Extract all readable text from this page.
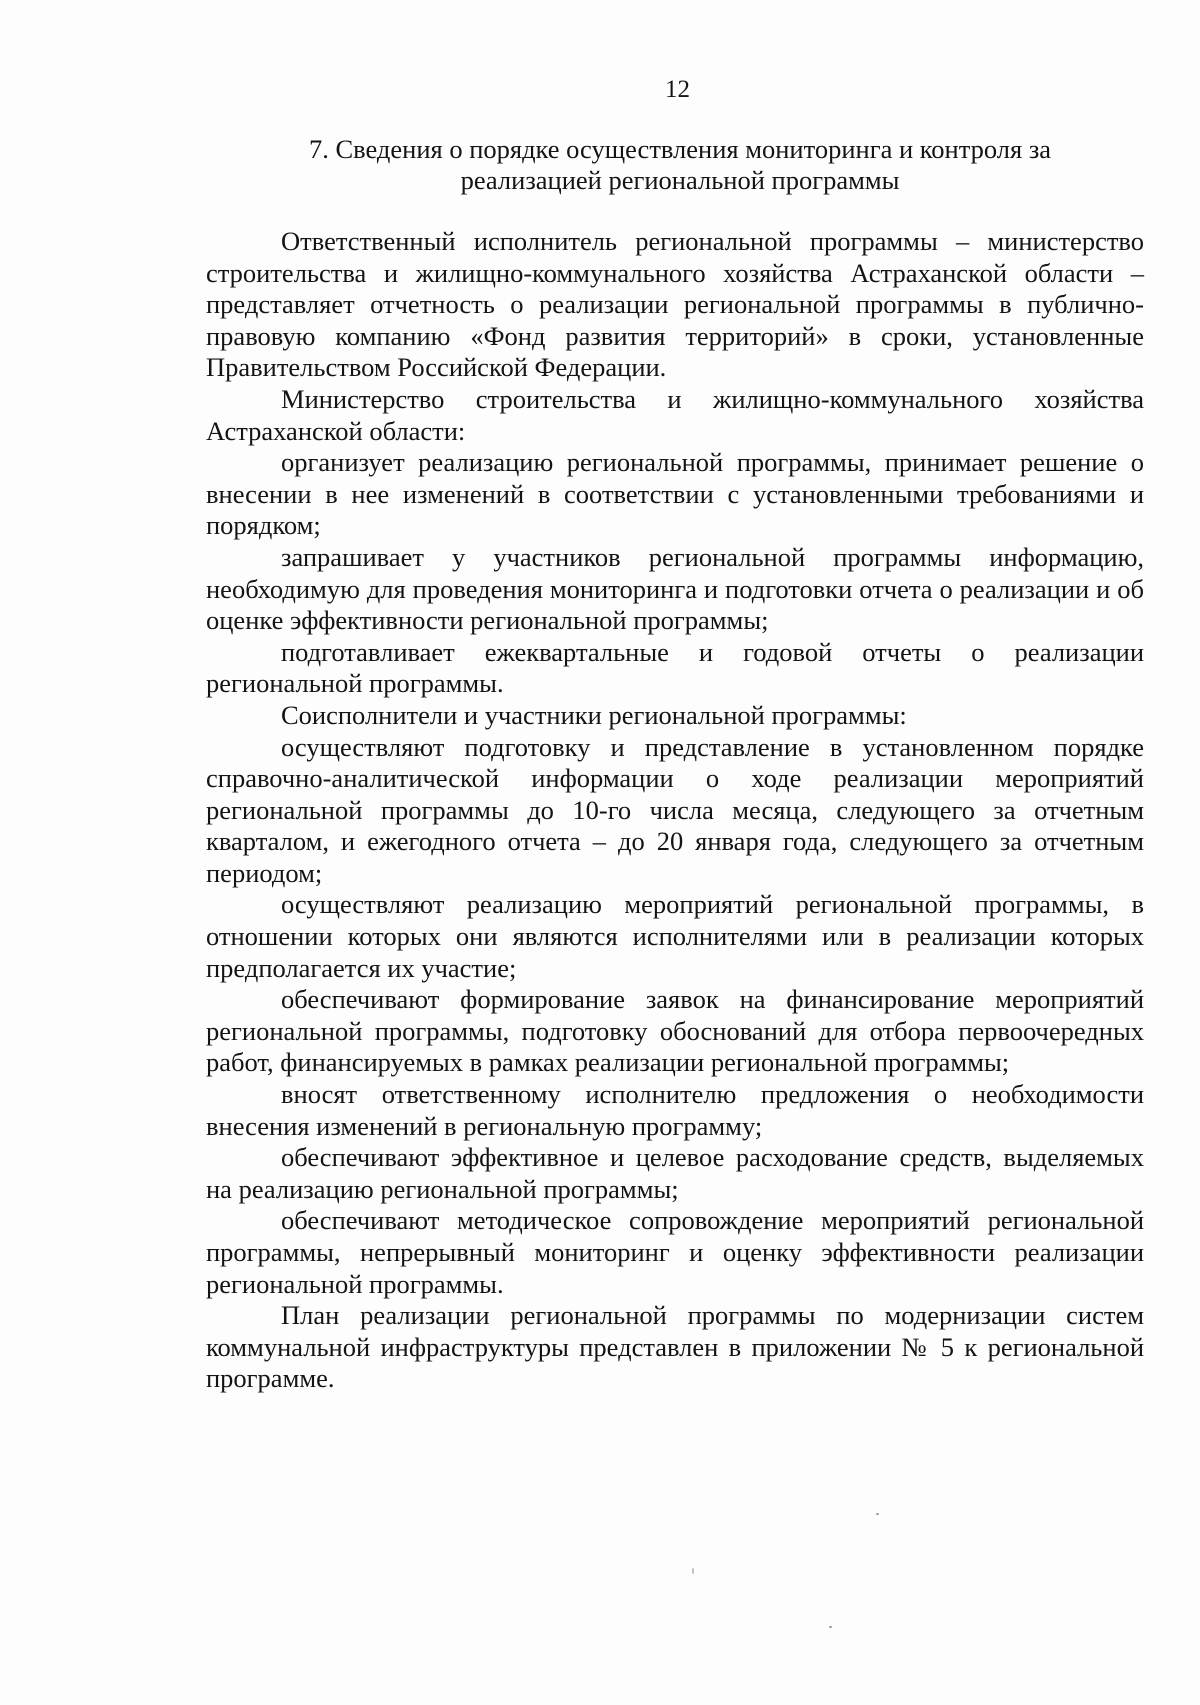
12
7. Сведения о порядке осуществления мониторинга и контроля за
реализацией региональной программы

Ответственный исполнитель региональной программы – министерство строительства и жилищно-коммунального хозяйства Астраханской области – представляет отчетность о реализации региональной программы в публично-правовую компанию «Фонд развития территорий» в сроки, установленные Правительством Российской Федерации.

Министерство строительства и жилищно-коммунального хозяйства Астраханской области:

организует реализацию региональной программы, принимает решение о внесении в нее изменений в соответствии с установленными требованиями и порядком;

запрашивает у участников региональной программы информацию, необходимую для проведения мониторинга и подготовки отчета о реализации и об оценке эффективности региональной программы;

подготавливает ежеквартальные и годовой отчеты о реализации региональной программы.

Соисполнители и участники региональной программы:

осуществляют подготовку и представление в установленном порядке справочно-аналитической информации о ходе реализации мероприятий региональной программы до 10-го числа месяца, следующего за отчетным кварталом, и ежегодного отчета – до 20 января года, следующего за отчетным периодом;

осуществляют реализацию мероприятий региональной программы, в отношении которых они являются исполнителями или в реализации которых предполагается их участие;

обеспечивают формирование заявок на финансирование мероприятий региональной программы, подготовку обоснований для отбора первоочередных работ, финансируемых в рамках реализации региональной программы;

вносят ответственному исполнителю предложения о необходимости внесения изменений в региональную программу;

обеспечивают эффективное и целевое расходование средств, выделяемых на реализацию региональной программы;

обеспечивают методическое сопровождение мероприятий региональной программы, непрерывный мониторинг и оценку эффективности реализации региональной программы.

План реализации региональной программы по модернизации систем коммунальной инфраструктуры представлен в приложении № 5 к региональной программе.
